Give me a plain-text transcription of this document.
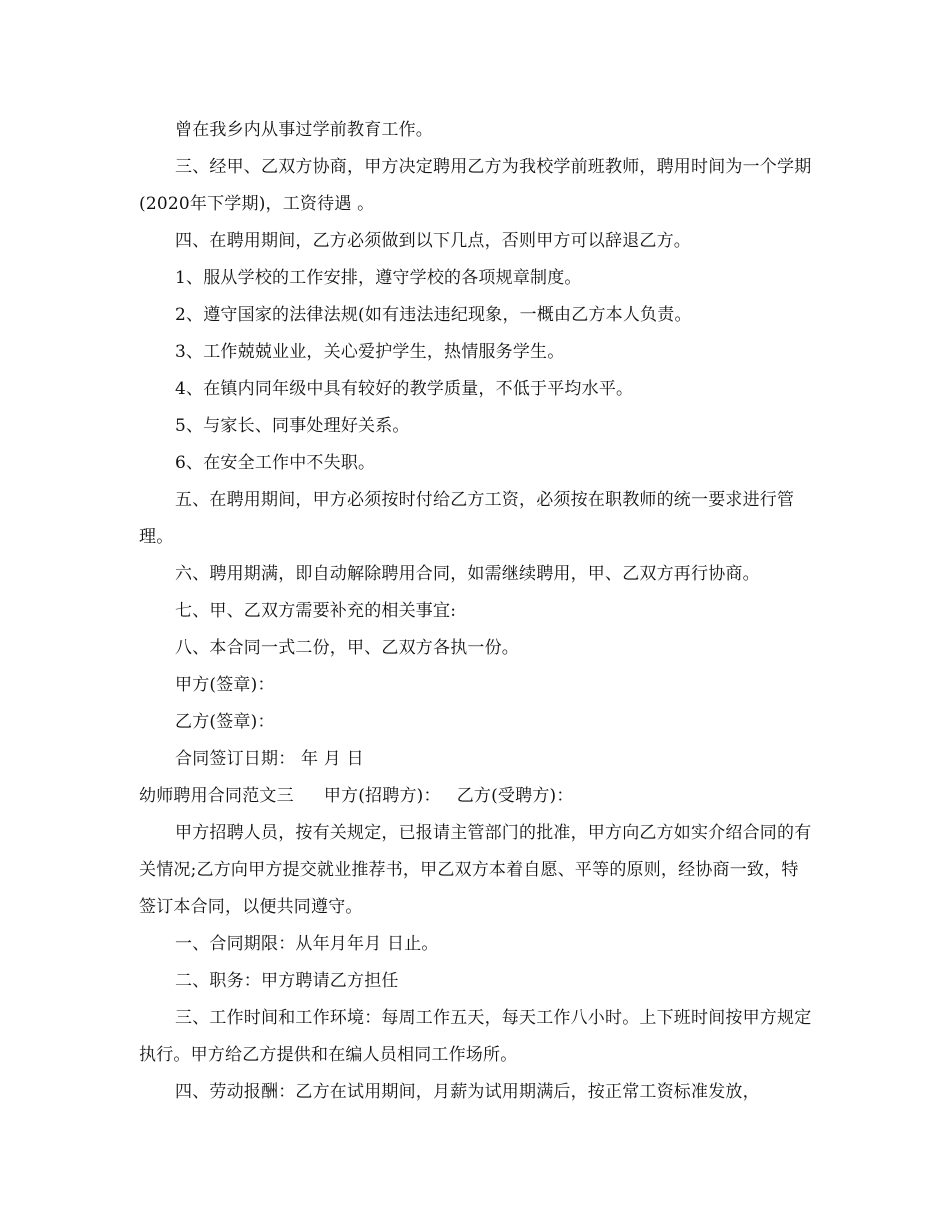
曾在我乡内从事过学前教育工作。

三、经甲、乙双方协商，甲方决定聘用乙方为我校学前班教师，聘用时间为一个学期(2020年下学期)，工资待遇 。

四、在聘用期间，乙方必须做到以下几点，否则甲方可以辞退乙方。

1、服从学校的工作安排，遵守学校的各项规章制度。

2、遵守国家的法律法规(如有违法违纪现象，一概由乙方本人负责。

3、工作兢兢业业，关心爱护学生，热情服务学生。

4、在镇内同年级中具有较好的教学质量，不低于平均水平。

5、与家长、同事处理好关系。

6、在安全工作中不失职。

五、在聘用期间，甲方必须按时付给乙方工资，必须按在职教师的统一要求进行管理。

六、聘用期满，即自动解除聘用合同，如需继续聘用，甲、乙双方再行协商。

七、甲、乙双方需要补充的相关事宜:

八、本合同一式二份，甲、乙双方各执一份。

甲方(签章)：

乙方(签章)：

合同签订日期： 年 月 日

幼师聘用合同范文三 甲方(招聘方)： 乙方(受聘方)：

甲方招聘人员，按有关规定，已报请主管部门的批准，甲方向乙方如实介绍合同的有关情况;乙方向甲方提交就业推荐书，甲乙双方本着自愿、平等的原则，经协商一致，特签订本合同，以便共同遵守。

一、合同期限：从年月年月 日止。

二、职务：甲方聘请乙方担任

三、工作时间和工作环境：每周工作五天，每天工作八小时。上下班时间按甲方规定执行。甲方给乙方提供和在编人员相同工作场所。

四、劳动报酬：乙方在试用期间，月薪为试用期满后，按正常工资标准发放，
